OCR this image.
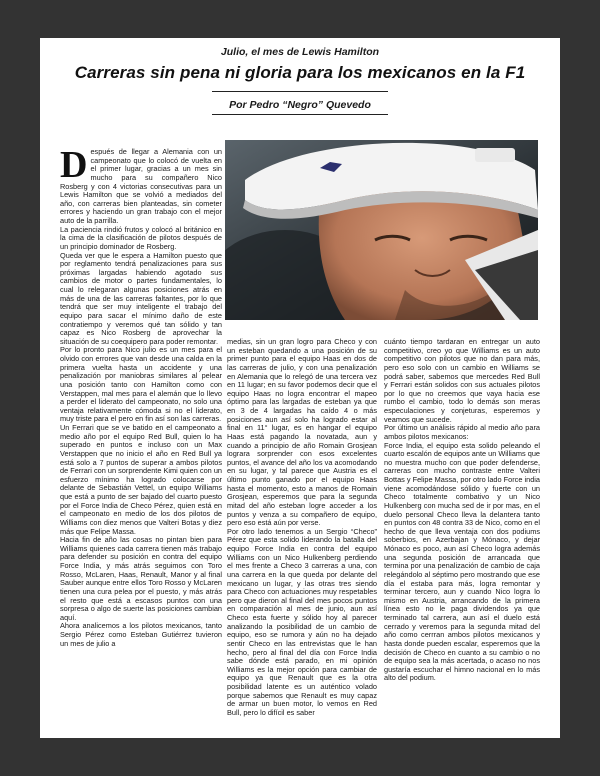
Julio, el mes de Lewis Hamilton
Carreras sin pena ni gloria para los mexicanos en la F1
Por Pedro “Negro” Quevedo
D espués de llegar a Alemania con un campeonato que lo colocó de vuelta en el primer lugar, gracias a un mes sin mucho para su compañero Nico Rosberg y con 4 victorias consecutivas para un Lewis Hamilton que se volvió a mediados del año, con carreras bien planteadas, sin cometer errores y haciendo un gran trabajo con el mejor auto de la parrilla.

La paciencia rindió frutos y colocó al británico en la cima de la clasificación de pilotos después de un principio dominador de Rosberg.

Queda ver que le espera a Hamilton puesto que por reglamento tendrá penalizaciones para sus próximas largadas habiendo agotado sus cambios de motor o partes fundamentales, lo cual lo relegaran algunas posiciones atrás en más de una de las carreras faltantes, por lo que tendrá que ser muy inteligente el trabajo del equipo para sacar el mínimo daño de este contratiempo y veremos qué tan sólido y tan capaz es Nico Rosberg de aprovechar la situación de su coequipero para poder remontar.

Por lo pronto para Nico julio es un mes para el olvido con errores que van desde una calda en la primera vuelta hasta un accidente y una penalización por maniobras similares al pelear una posición tanto con Hamilton como con Verstappen, mal mes para el alemán que lo llevo a perder el liderato del campeonato, no solo una ventaja relativamente cómoda si no el liderato, muy triste para el pero en fin así son las carreras.

Un Ferrari que se ve batido en el campeonato a medio año por el equipo Red Bull, quien lo ha superado en puntos e incluso con un Max Verstappen que no inicio el año en Red Bull ya está solo a 7 puntos de superar a ambos pilotos de Ferrari con un sorprendente Kimi quien con un esfuerzo mínimo ha logrado colocarse por delante de Sebastián Vettel, un equipo Williams que está a punto de ser bajado del cuarto puesto por el Force India de Checo Pérez, quien está en el campeonato en medio de los dos pilotos de Williams con diez menos que Valteri Botas y diez más que Felipe Massa.

Hacia fin de año las cosas no pintan bien para Williams quienes cada carrera tienen más trabajo para defender su posición en contra del equipo Force India, y más atrás seguimos con Toro Rosso, McLaren, Haas, Renault, Manor y al final Sauber aunque entre ellos Toro Rosso y McLaren tienen una cura pelea por el puesto, y más atrás el resto que está a escasos puntos con una sorpresa o algo de suerte las posiciones cambian aquí.

Ahora analicemos a los pilotos mexicanos, tanto Sergio Pérez como Esteban Gutiérrez tuvieron un mes de julio a

medias, sin un gran logro para Checo y con un esteban quedando a una posición de su primer punto para el equipo Haas en dos de las carreras de julio, y con una penalización en Alemania que lo relegó de una tercera vez en 11 lugar; en su favor podemos decir que el equipo Haas no logra encontrar el mapeo óptimo para las largadas de esteban ya que en 3 de 4 largadas ha caído 4 o más posiciones aun así solo ha logrado estar al final en 11° lugar, es en hangar el equipo Haas está pagando la novatada, aun y cuando a principio de año Romain Grosjean lograra sorprender con esos excelentes puntos, el avance del año los va acomodando en su lugar, y tal parece que Austria es el último punto ganado por el equipo Haas hasta el momento, esto a manos de Romain Grosjean, esperemos que para la segunda mitad del año esteban logre acceder a los puntos y venza a su compañero de equipo, pero eso está aún por verse.

Por otro lado tenemos a un Sergio “Checo” Pérez que esta solido liderando la batalla del equipo Force India en contra del equipo Williams con un Nico Hulkenberg perdiendo el mes frente a Checo 3 carreras a una, con una carrera en la que queda por delante del mexicano un lugar, y las otras tres siendo para Checo con actuaciones muy respetables pero que dieron al final del mes pocos puntos en comparación al mes de junio, aun así Checo esta fuerte y sólido hoy al parecer analizando la posibilidad de un cambio de equipo, eso se rumora y aún no ha dejado sentir Checo en las entrevistas que le han hecho, pero al final del día con Force India sabe dónde está parado, en mi opinión Williams es la mejor opción para cambiar de equipo ya que Renault que es la otra posibilidad latente es un auténtico volado porque sabemos que Renault es muy capaz de armar un buen motor, lo vemos en Red Bull, pero lo difícil es saber

cuánto tiempo tardaran en entregar un auto competitivo, creo yo que Williams es un auto competitivo con pilotos que no dan para más, pero eso solo con un cambio en Williams se podrá saber, sabemos que mercedes Red Bull y Ferrari están solidos con sus actuales pilotos por lo que no creemos que vaya hacia ese rumbo el cambio, todo lo demás son meras especulaciones y conjeturas, esperemos y veamos que sucede.

Por último un análisis rápido al medio año para ambos pilotos mexicanos:

Force India, el equipo esta solido peleando el cuarto escalón de equipos ante un Williams que no muestra mucho con que poder defenderse, carreras con mucho contraste entre Valteri Bottas y Felipe Massa, por otro lado Force india viene acomodándose sólido y fuerte con un Checo totalmente combativo y un Nico Hulkenberg con mucha sed de ir por mas, en el duelo personal Checo lleva la delantera tanto en puntos con 48 contra 33 de Nico, como en el hecho de que lleva ventaja con dos podiums soberbios, en Azerbajan y Mónaco, y dejar Mónaco es poco, aun así Checo logra además una segunda posición de arrancada que termina por una penalización de cambio de caja relegándolo al séptimo pero mostrando que ese día el estaba para más, logra remontar y terminar tercero, aun y cuando Nico logra lo mismo en Austria, arrancando de la primera línea esto no le paga dividendos ya que terminado tal carrera, aun así el duelo está cerrado y veremos para la segunda mitad del año como cerrran ambos pilotos mexicanos y hasta donde pueden escalar, esperemos que la decisión de Checo en cuanto a su cambio o no de equipo sea la más acertada, o acaso no nos gustaría escuchar el himno nacional en lo más alto del podium.
